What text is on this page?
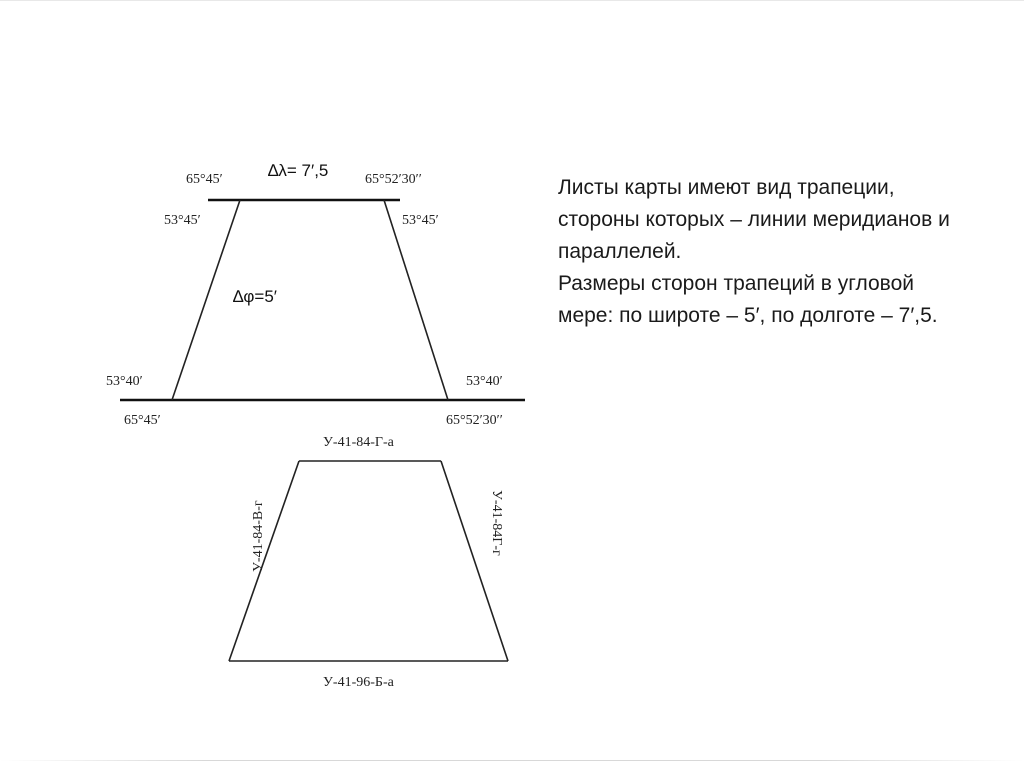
65°45′	∆λ= 7′,5	65°52′30′′
53°45′	53°45′
∆φ=5′
53°40′	53°40′
65°45′	65°52′30′′
У-41-84-Г-а
У-41-84-В-г	У-41-84Г-г
У-41-96-Б-а

Листы карты имеют вид трапеции, стороны которых – линии меридианов и параллелей.

Размеры сторон трапеций в угловой мере: по широте – 5′, по долготе – 7′,5.
